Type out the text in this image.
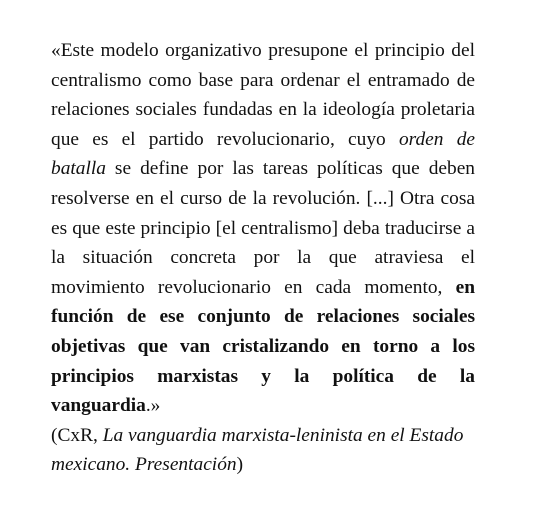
«Este modelo organizativo presupone el principio del centralismo como base para ordenar el entramado de relaciones sociales fundadas en la ideología proletaria que es el partido revolucionario, cuyo orden de batalla se define por las tareas políticas que deben resolverse en el curso de la revolución. [...] Otra cosa es que este principio [el centralismo] deba traducirse a la situación concreta por la que atraviesa el movimiento revolucionario en cada momento, en función de ese conjunto de relaciones sociales objetivas que van cristalizando en torno a los principios marxistas y la política de la vanguardia.»

(CxR, La vanguardia marxista-leninista en el Estado mexicano. Presentación)
